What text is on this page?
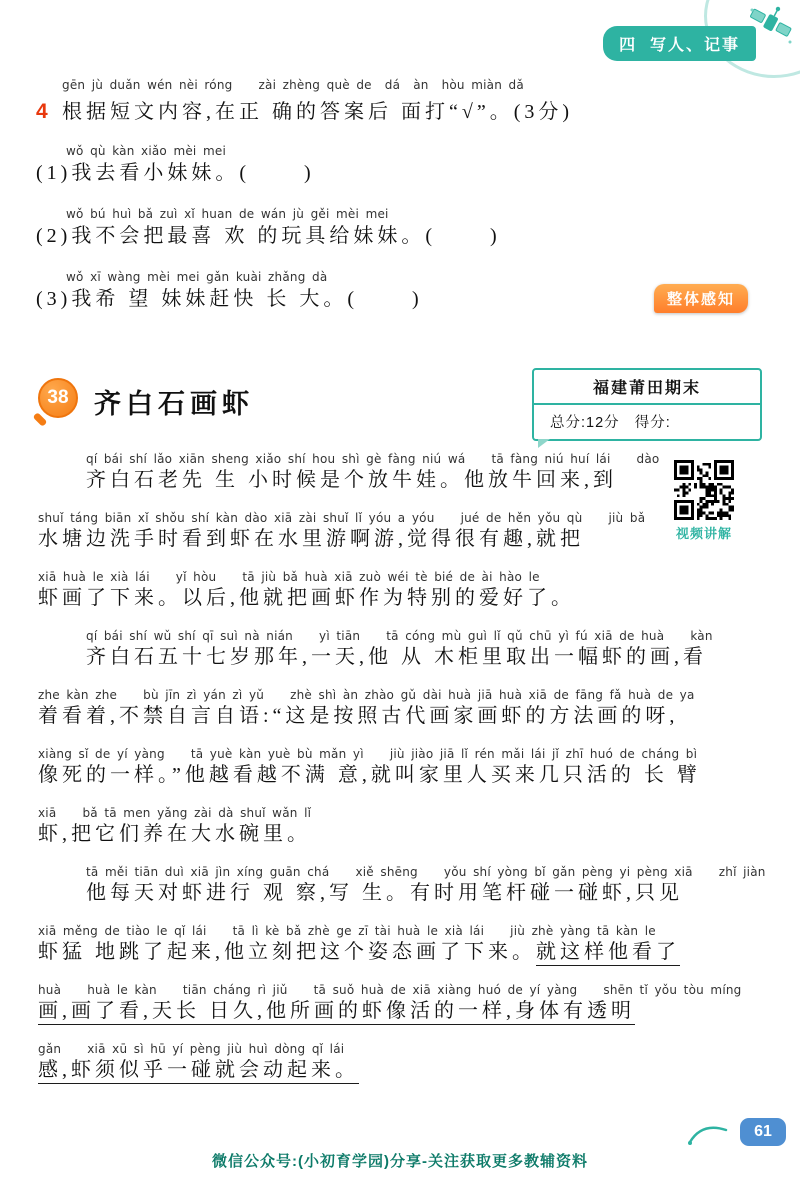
四  写人、记事
gēn jù duǎn wén nèi róng    zài zhèng què de  dá  àn  hòu miàn dǎ
4 根据短文内容,在正 确的答案后 面打“√”。(3分)
wǒ qù kàn xiǎo mèi mei
(1)我去看小妹妹。(      )
wǒ bú huì bǎ zuì xǐ huan de wán jù gěi mèi mei
(2)我不会把最喜 欢 的玩具给妹妹。(      )
wǒ xī wàng mèi mei gǎn kuài zhǎng dà
(3)我希 望 妹妹赶快 长 大。(      )	整体感知
38 齐白石画虾	福建莆田期末
总分:12分   得分:
视频讲解
qí bái shí lǎo xiān sheng xiǎo shí hou shì gè fàng niú wá    tā fàng niú huí lái    dào
齐白石老先 生 小时候是个放牛娃。他放牛回来,到
shuǐ táng biān xǐ shǒu shí kàn dào xiā zài shuǐ lǐ yóu a yóu    jué de hěn yǒu qù    jiù bǎ
水塘边洗手时看到虾在水里游啊游,觉得很有趣,就把
xiā huà le xià lái    yǐ hòu    tā jiù bǎ huà xiā zuò wéi tè bié de ài hào le
虾画了下来。以后,他就把画虾作为特别的爱好了。
qí bái shí wǔ shí qī suì nà nián    yì tiān    tā cóng mù guì lǐ qǔ chū yì fú xiā de huà    kàn
齐白石五十七岁那年,一天,他 从 木柜里取出一幅虾的画,看
zhe kàn zhe    bù jīn zì yán zì yǔ    zhè shì àn zhào gǔ dài huà jiā huà xiā de fāng fǎ huà de ya
着看着,不禁自言自语:“这是按照古代画家画虾的方法画的呀,
xiàng sǐ de yí yàng    tā yuè kàn yuè bù mǎn yì    jiù jiào jiā lǐ rén mǎi lái jǐ zhī huó de cháng bì
像死的一样。”他越看越不满 意,就叫家里人买来几只活的 长 臂
xiā    bǎ tā men yǎng zài dà shuǐ wǎn lǐ
虾,把它们养在大水碗里。
tā měi tiān duì xiā jìn xíng guān chá    xiě shēng    yǒu shí yòng bǐ gǎn pèng yi pèng xiā    zhǐ jiàn
他每天对虾进行 观 察,写 生。有时用笔杆碰一碰虾,只见
xiā měng de tiào le qǐ lái    tā lì kè bǎ zhè ge zī tài huà le xià lái    jiù zhè yàng tā kàn le
虾猛 地跳了起来,他立刻把这个姿态画了下来。就这样他看了
huà    huà le kàn    tiān cháng rì jiǔ    tā suǒ huà de xiā xiàng huó de yí yàng    shēn tǐ yǒu tòu míng
画,画了看,天长 日久,他所画的虾像活的一样,身体有透明
gǎn    xiā xū sì hū yí pèng jiù huì dòng qǐ lái
感,虾须似乎一碰就会动起来。
61
微信公众号:(小初育学园)分享-关注获取更多教辅资料
